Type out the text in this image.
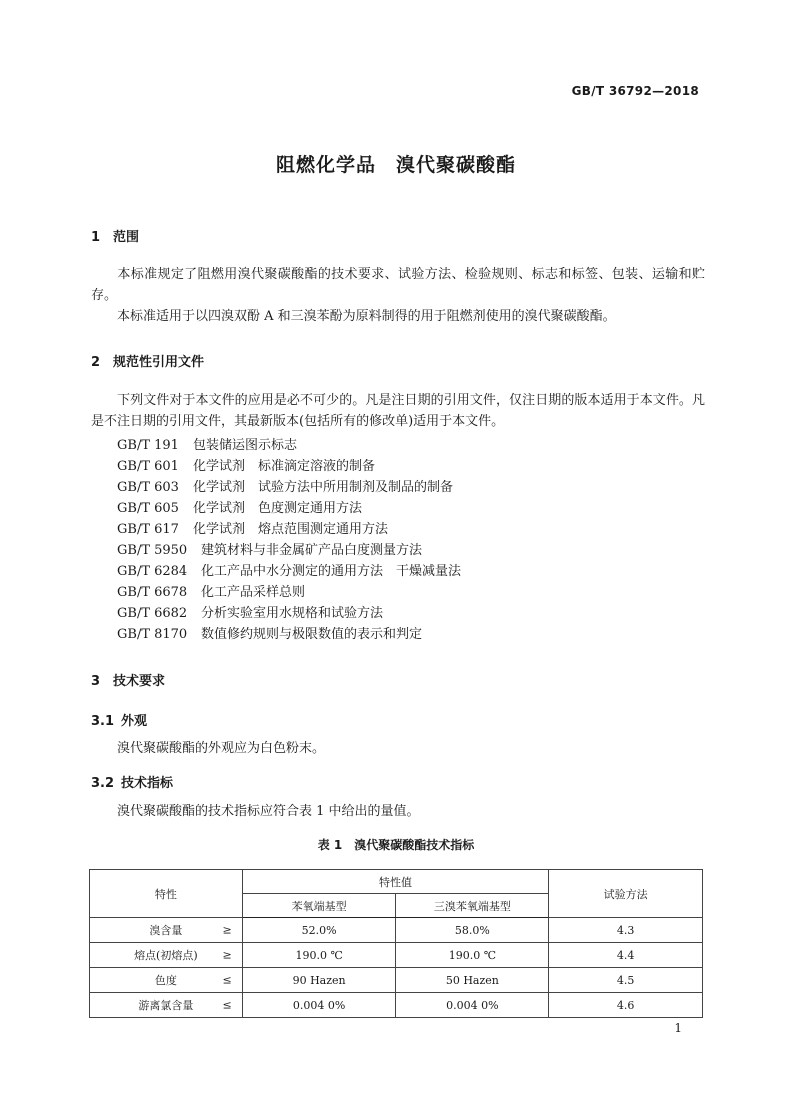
GB/T 36792—2018
阻燃化学品　溴代聚碳酸酯
1 范围
本标准规定了阻燃用溴代聚碳酸酯的技术要求、试验方法、检验规则、标志和标签、包装、运输和贮存。
本标准适用于以四溴双酚 A 和三溴苯酚为原料制得的用于阻燃剂使用的溴代聚碳酸酯。
2 规范性引用文件
下列文件对于本文件的应用是必不可少的。凡是注日期的引用文件，仅注日期的版本适用于本文件。凡是不注日期的引用文件，其最新版本(包括所有的修改单)适用于本文件。
GB/T 191 包装储运图示标志
GB/T 601 化学试剂　标准滴定溶液的制备
GB/T 603 化学试剂　试验方法中所用制剂及制品的制备
GB/T 605 化学试剂　色度测定通用方法
GB/T 617 化学试剂　熔点范围测定通用方法
GB/T 5950 建筑材料与非金属矿产品白度测量方法
GB/T 6284 化工产品中水分测定的通用方法　干燥减量法
GB/T 6678 化工产品采样总则
GB/T 6682 分析实验室用水规格和试验方法
GB/T 8170 数值修约规则与极限数值的表示和判定
3 技术要求
3.1 外观
溴代聚碳酸酯的外观应为白色粉末。
3.2 技术指标
溴代聚碳酸酯的技术指标应符合表 1 中给出的量值。
表 1　溴代聚碳酸酯技术指标
特性	特性值		试验方法
	苯氧端基型	三溴苯氧端基型	
溴含量 ≥	52.0%	58.0%	4.3
熔点(初熔点) ≥	190.0 ℃	190.0 ℃	4.4
色度 ≤	90 Hazen	50 Hazen	4.5
游离氯含量 ≤	0.004 0%	0.004 0%	4.6
1
